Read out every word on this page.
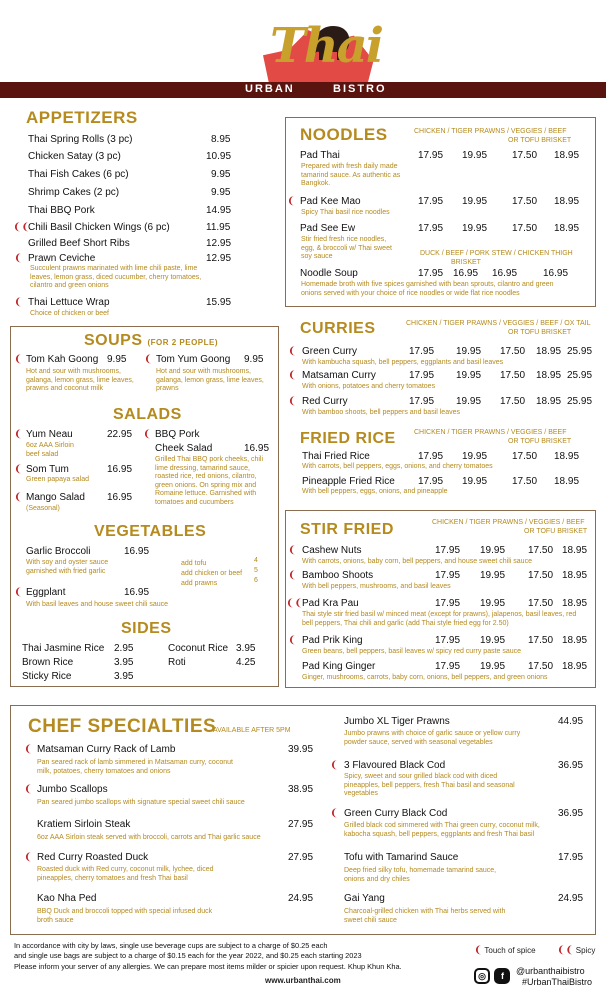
Thai
URBAN	BISTRO
APPETIZERS
Thai Spring Rolls (3 pc)	8.95
Chicken Satay (3 pc)	10.95
Thai Fish Cakes (6 pc)	9.95
Shrimp Cakes (2 pc)	9.95
Thai BBQ Pork	14.95
❨❨
Chili Basil Chicken Wings (6 pc)	11.95
Grilled Beef Short Ribs	12.95
❨ Prawn Ceviche	12.95
Succulent prawns marinated with lime chili paste, lime leaves, lemon grass, diced cucumber, cherry tomatoes, cilantro and green onions
❨ Thai Lettuce Wrap	15.95
Choice of chicken or beef
NOODLES	CHICKEN / TIGER PRAWNS / VEGGIES / BEEF
OR TOFU BRISKET
Pad Thai	17.95 19.95 17.50 18.95
Prepared with fresh daily made tamarind sauce. As authentic as Bangkok.
❨ Pad Kee Mao	17.95 19.95 17.50 18.95
Spicy Thai basil rice noodles
Pad See Ew	17.95 19.95 17.50 18.95
Stir fried fresh rice noodles, egg, & broccoli w/ Thai sweet soy sauce	DUCK / BEEF / PORK STEW / CHICKEN THIGH
BRISKET
Noodle Soup	17.95 16.95 16.95	16.95
Homemade broth with five spices garnished with bean sprouts, cilantro and green onions served with your choice of rice noodles or wide flat rice noodles
SOUPS (FOR 2 PEOPLE)
❨ Tom Kah Goong 9.95
Hot and sour with mushrooms, galanga, lemon grass, lime leaves, prawns and coconut milk
❨ Tom Yum Goong 9.95
Hot and sour with mushrooms, galanga, lemon grass, lime leaves, prawns
SALADS
❨ Yum Neau	22.95
6oz AAA Sirloin beef salad
❨ Som Tum	16.95
Green papaya salad
❨ Mango Salad 16.95
(Seasonal)
❨ BBQ Pork
Cheek Salad	16.95
Grilled Thai BBQ pork cheeks, chili lime dressing, tamarind sauce, roasted rice, red onions, cilantro, green onions. On spring mix and Romaine lettuce. Garnished with tomatoes and cucumbers
VEGETABLES
Garlic Broccoli	16.95
With soy and oyster sauce garnished with fried garlic
❨ Eggplant	16.95
With basil leaves and house sweet chili sauce
add tofu	4
add chicken or beef 5
add prawns	6
SIDES
Thai Jasmine Rice 2.95
Brown Rice	3.95
Sticky Rice	3.95
Coconut Rice 3.95
Roti	4.25
CURRIES	CHICKEN / TIGER PRAWNS / VEGGIES / BEEF / OX TAIL
OR TOFU BRISKET
❨ Green Curry	17.95 19.95 17.50 18.95 25.95
With kambucha squash, bell peppers, eggplants and basil leaves
❨ Matsaman Curry	17.95 19.95 17.50 18.95 25.95
With onions, potatoes and cherry tomatoes
❨ Red Curry	17.95 19.95 17.50 18.95 25.95
With bamboo shoots, bell peppers and basil leaves
FRIED RICE	CHICKEN / TIGER PRAWNS / VEGGIES / BEEF
OR TOFU BRISKET
Thai Fried Rice	17.95 19.95 17.50 18.95
With carrots, bell peppers, eggs, onions, and cherry tomatoes
Pineapple Fried Rice 17.95 19.95 17.50 18.95
With bell peppers, eggs, onions, and pineapple
STIR FRIED	CHICKEN / TIGER PRAWNS / VEGGIES / BEEF
OR TOFU BRISKET
❨ Cashew Nuts	17.95 19.95 17.50 18.95
With carrots, onions, baby corn, bell peppers, and house sweet chili sauce
❨ Bamboo Shoots	17.95 19.95 17.50 18.95
With bell peppers, mushrooms, and basil leaves
❨❨ Pad Kra Pau	17.95 19.95 17.50 18.95
Thai style stir fried basil w/ minced meat (except for prawns), jalapenos, basil leaves, red bell peppers, Thai chili and garlic (add Thai style fried egg for 2.50)
❨ Pad Prik King	17.95 19.95 17.50 18.95
Green beans, bell peppers, basil leaves w/ spicy red curry paste sauce
Pad King Ginger	17.95 19.95 17.50 18.95
Ginger, mushrooms, carrots, baby corn, onions, bell peppers, and green onions
CHEF SPECIALTIES
AVAILABLE AFTER 5PM
❨ Matsaman Curry Rack of Lamb	39.95
Pan seared rack of lamb simmered in Matsaman curry, coconut milk, potatoes, cherry tomatoes and onions
❨ Jumbo Scallops	38.95
Pan seared jumbo scallops with signature special sweet chili sauce
Kratiem Sirloin Steak	27.95
6oz AAA Sirloin steak served with broccoli, carrots and Thai garlic sauce
❨ Red Curry Roasted Duck	27.95
Roasted duck with Red curry, coconut milk, lychee, diced pineapples, cherry tomatoes and fresh Thai basil
Kao Nha Ped	24.95
BBQ Duck and broccoli topped with special infused duck broth sauce
Jumbo XL Tiger Prawns	44.95
Jumbo prawns with choice of garlic sauce or yellow curry powder sauce, served with seasonal vegetables
❨ 3 Flavoured Black Cod	36.95
Spicy, sweet and sour grilled black cod with diced pineapples, bell peppers, fresh Thai basil and seasonal vegetables
❨ Green Curry Black Cod	36.95
Grilled black cod simmered with Thai green curry, coconut milk, kabocha squash, bell peppers, eggplants and fresh Thai basil
Tofu with Tamarind Sauce	17.95
Deep fried silky tofu, homemade tamarind sauce, onions and dry chiles
Gai Yang	24.95
Charcoal-grilled chicken with Thai herbs served with sweet chili sauce
In accordance with city by laws, single use beverage cups are subject to a charge of $0.25 each
and single use bags are subject to a charge of $0.15 each for the year 2022, and $0.25 each starting 2023
Please inform your server of any allergies. We can prepare most items milder or spicier upon request. Khup Khun Kha.
www.urbanthai.com
❨ Touch of spice ❨❨ Spicy
◎ f	@urbanthaibistro
#UrbanThaiBistro
